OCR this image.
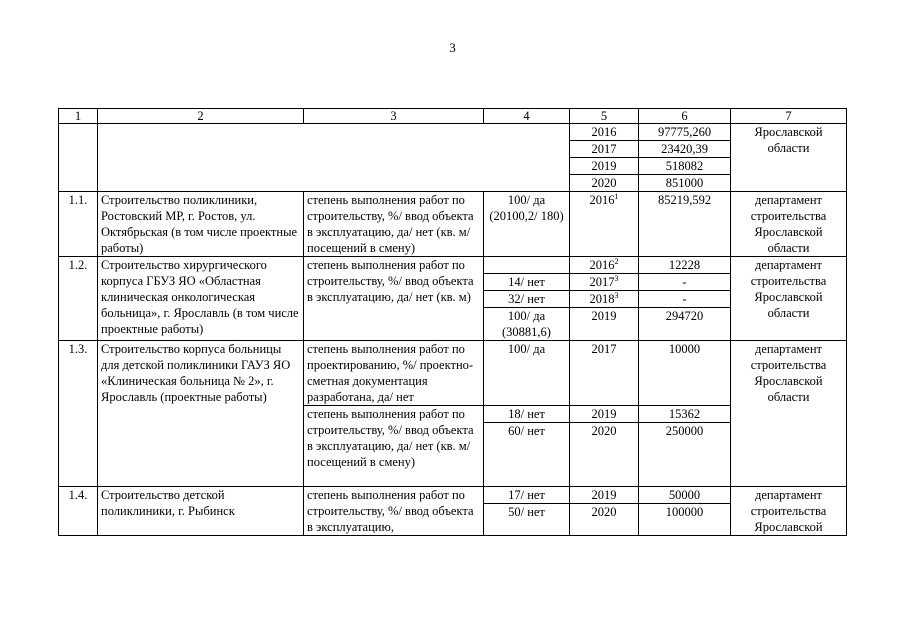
3
1	2	3	4	5	6	7
				2016	97775,260	Ярославской области
				2017	23420,39	
				2019	518082	
				2020	851000	
1.1.	Строительство поликлиники, Ростовский МР, г. Ростов, ул. Октябрьская (в том числе проектные работы)	степень выполнения работ по строительству, %/ ввод объекта в эксплуатацию, да/ нет (кв. м/ посещений в смену)	100/ да (20100,2/ 180)	2016$^1$	85219,592	департамент строительства Ярославской области
1.2.	Строительство хирургического корпуса ГБУЗ ЯО «Областная клиническая онкологическая больница», г. Ярославль (в том числе проектные работы)	степень выполнения работ по строительству, %/ ввод объекта в эксплуатацию, да/ нет (кв. м)		2016$^2$	12228	департамент строительства Ярославской области
			14/ нет	2017$^3$	-	
			32/ нет	2018$^3$	-	
			100/ да (30881,6)	2019	294720	
1.3.	Строительство корпуса больницы для детской поликлиники ГАУЗ ЯО «Клиническая больница № 2», г. Ярославль (проектные работы)	степень выполнения работ по проектированию, %/ проектно-сметная документация разработана, да/ нет	100/ да	2017	10000	департамент строительства Ярославской области
		степень выполнения работ по строительству, %/ ввод объекта в эксплуатацию, да/ нет (кв. м/ посещений в смену)	18/ нет	2019	15362	
			60/ нет	2020	250000	
1.4.	Строительство детской поликлиники, г. Рыбинск	степень выполнения работ по строительству, %/ ввод объекта в эксплуатацию,	17/ нет	2019	50000	департамент строительства Ярославской
			50/ нет	2020	100000	
